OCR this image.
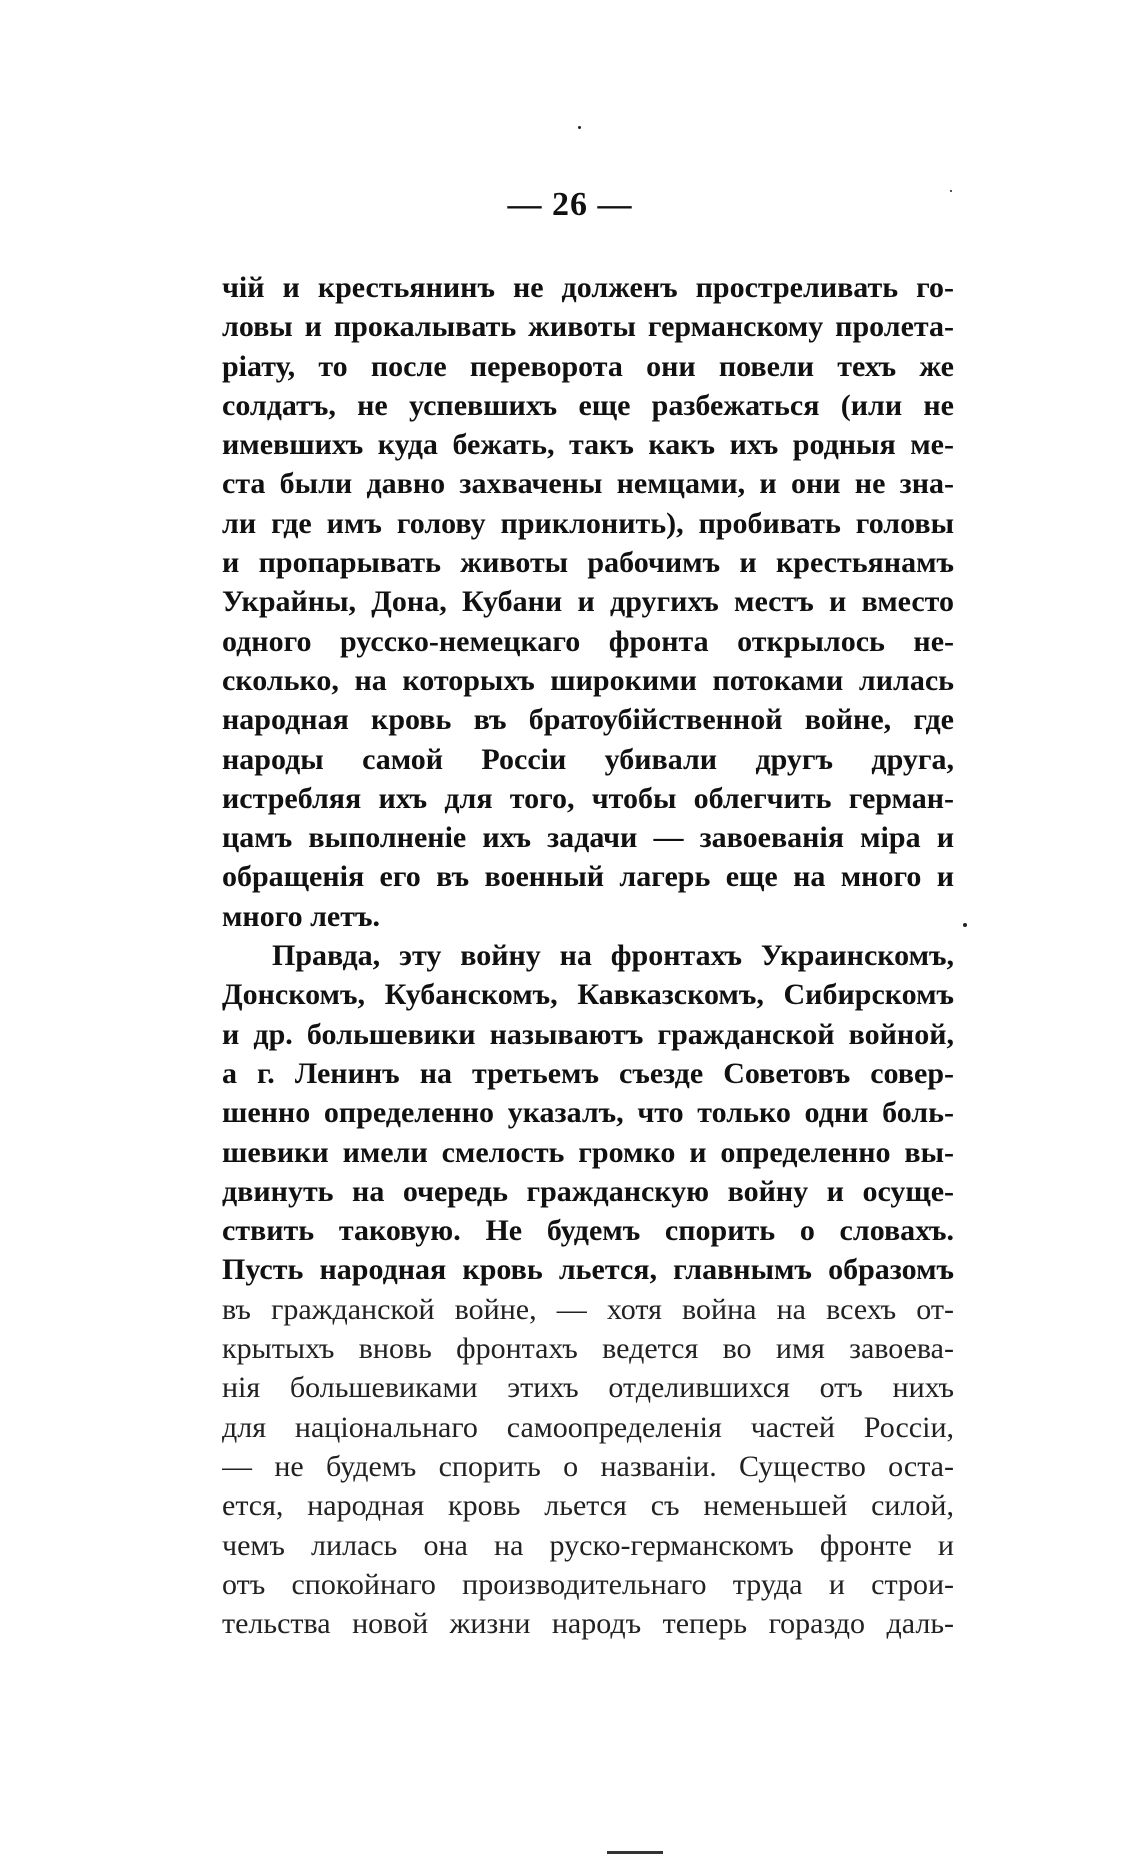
— 26 —
чій и крестьянинъ не долженъ простреливать го-
ловы и прокалывать животы германскому пролета-
ріату, то после переворота они повели техъ же
солдатъ, не успевшихъ еще разбежаться (или не
имевшихъ куда бежать, такъ какъ ихъ родныя ме-
ста были давно захвачены немцами, и они не зна-
ли где имъ голову приклонить), пробивать головы
и пропарывать животы рабочимъ и крестьянамъ
Украйны, Дона, Кубани и другихъ местъ и вместо
одного русско-немецкаго фронта открылось не-
сколько, на которыхъ широкими потоками лилась
народная кровь въ братоубійственной войне, где
народы самой Россіи убивали другъ друга,
истребляя ихъ для того, чтобы облегчить герман-
цамъ выполненіе ихъ задачи — завоеванія міра и
обращенія его въ военный лагерь еще на много и
много летъ.
Правда, эту войну на фронтахъ Украинскомъ,
Донскомъ, Кубанскомъ, Кавказскомъ, Сибирскомъ
и др. большевики называютъ гражданской войной,
а г. Ленинъ на третьемъ съезде Советовъ совер-
шенно определенно указалъ, что только одни боль-
шевики имели смелость громко и определенно вы-
двинуть на очередь гражданскую войну и осуще-
ствить таковую. Не будемъ спорить о словахъ.
Пусть народная кровь льется, главнымъ образомъ
въ гражданской войне, — хотя война на всехъ от-
крытыхъ вновь фронтахъ ведется во имя завоева-
нія большевиками этихъ отделившихся отъ нихъ
для національнаго самоопределенія частей Россіи,
— не будемъ спорить о названіи. Существо оста-
ется, народная кровь льется съ неменьшей силой,
чемъ лилась она на руско-германскомъ фронте и
отъ спокойнаго производительнаго труда и строи-
тельства новой жизни народъ теперь гораздо даль-
